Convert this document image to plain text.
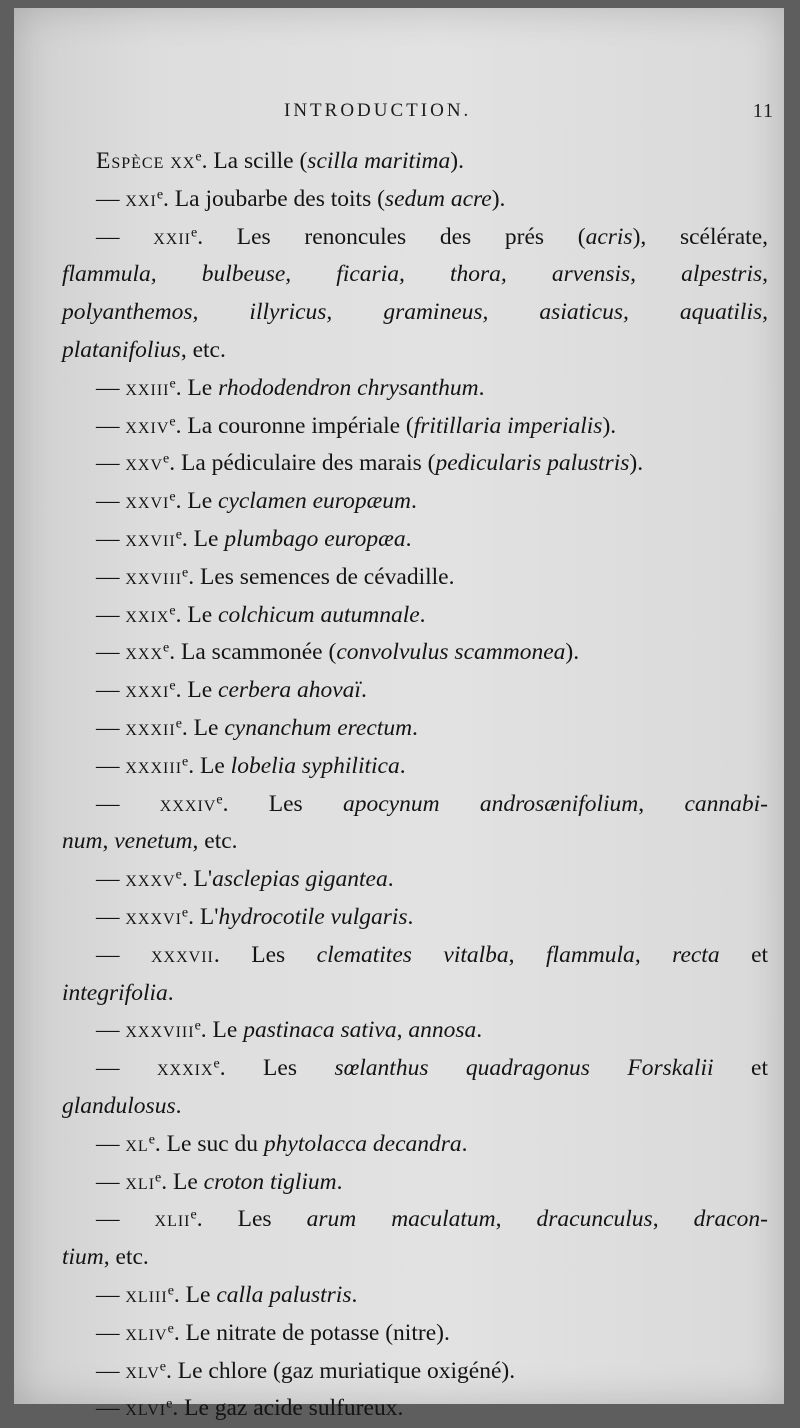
INTRODUCTION.	11
Espèce $xx^e$. La scille (scilla maritima).
— xxi$^e$. La joubarbe des toits (sedum acre).
— xxii$^e$. Les renoncules des prés (acris), scélérate,
flammula, bulbeuse, ficaria, thora, arvensis, alpestris,
polyanthemos, illyricus, gramineus, asiaticus, aquatilis,
platanifolius, etc.
— xxiii$^e$. Le rhododendron chrysanthum.
— xxiv$^e$. La couronne impériale (fritillaria imperialis).
— xxv$^e$. La pédiculaire des marais (pedicularis palustris).
— xxvi$^e$. Le cyclamen europæum.
— xxvii$^e$. Le plumbago europæa.
— xxviii$^e$. Les semences de cévadille.
— xxix$^e$. Le colchicum autumnale.
— xxx$^e$. La scammonée (convolvulus scammonea).
— xxxi$^e$. Le cerbera ahovaï.
— xxxii$^e$. Le cynanchum erectum.
— xxxiii$^e$. Le lobelia syphilitica.
— xxxiv$^e$. Les apocynum androsænifolium, cannabi-
num, venetum, etc.
— xxxv$^e$. L'asclepias gigantea.
— xxxvi$^e$. L'hydrocotile vulgaris.
— xxxvii. Les clematites vitalba, flammula, recta et
integrifolia.
— xxxviii$^e$. Le pastinaca sativa, annosa.
— xxxix$^e$. Les sœlanthus quadragonus Forskalii et
glandulosus.
— $xl^e$. Le suc du phytolacca decandra.
— xli$^e$. Le croton tiglium.
— xlii$^e$. Les arum maculatum, dracunculus, dracon-
tium, etc.
— xliii$^e$. Le calla palustris.
— xliv$^e$. Le nitrate de potasse (nitre).
— xlv$^e$. Le chlore (gaz muriatique oxigéné).
— xlvi$^e$. Le gaz acide sulfureux.
